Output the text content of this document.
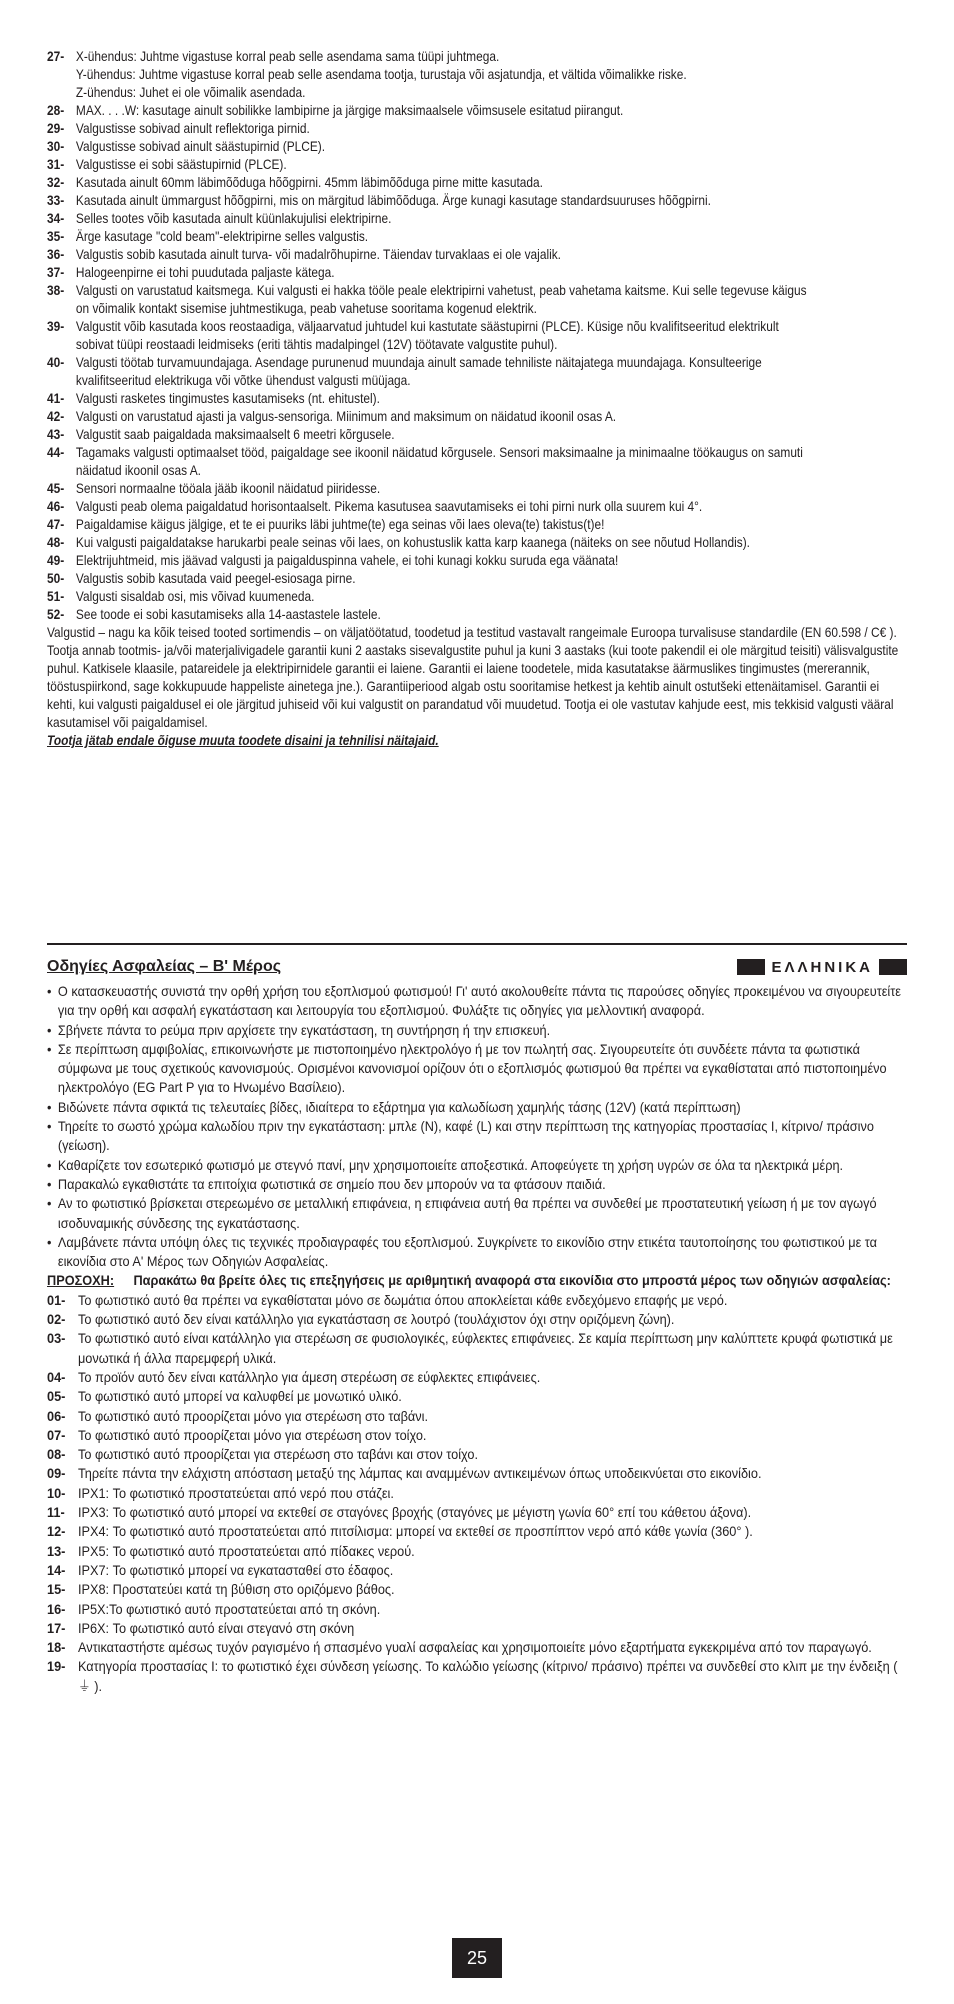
27- X-ühendus: Juhtme vigastuse korral peab selle asendama sama tüüpi juhtmega.
Y-ühendus: Juhtme vigastuse korral peab selle asendama tootja, turustaja või asjatundja, et vältida võimalikke riske.
Z-ühendus: Juhet ei ole võimalik asendada.
28- MAX. . . .W: kasutage ainult sobilikke lambipirne ja järgige maksimaalsele võimsusele esitatud piirangut.
29- Valgustisse sobivad ainult reflektoriga pirnid.
30- Valgustisse sobivad ainult säästupirnid (PLCE).
31- Valgustisse ei sobi säästupirnid (PLCE).
32- Kasutada ainult 60mm läbimõõduga hõõgpirni. 45mm läbimõõduga pirne mitte kasutada.
33- Kasutada ainult ümmargust hõõgpirni, mis on märgitud läbimõõduga. Ärge kunagi kasutage standardsuuruses hõõgpirni.
34- Selles tootes võib kasutada ainult küünlakujulisi elektripirne.
35- Ärge kasutage "cold beam"-elektripirne selles valgustis.
36- Valgustis sobib kasutada ainult turva- või madalrõhupirne. Täiendav turvaklaas ei ole vajalik.
37- Halogeenpirne ei tohi puudutada paljaste kätega.
38- Valgusti on varustatud kaitsmega. Kui valgusti ei hakka tööle peale elektripirni vahetust, peab vahetama kaitsme. Kui selle tegevuse käigus
on võimalik kontakt sisemise juhtmestikuga, peab vahetuse sooritama kogenud elektrik.
39- Valgustit võib kasutada koos reostaadiga, väljaarvatud juhtudel kui kastutate säästupirni (PLCE). Küsige nõu kvalifitseeritud elektrikult
sobivat tüüpi reostaadi leidmiseks (eriti tähtis madalpingel (12V) töötavate valgustite puhul).
40- Valgusti töötab turvamuundajaga. Asendage purunenud muundaja ainult samade tehniliste näitajatega muundajaga. Konsulteerige
kvalifitseeritud elektrikuga või võtke ühendust valgusti müüjaga.
41- Valgusti rasketes tingimustes kasutamiseks (nt. ehitustel).
42- Valgusti on varustatud ajasti ja valgus-sensoriga. Miinimum and maksimum on näidatud ikoonil osas A.
43- Valgustit saab paigaldada maksimaalselt 6 meetri kõrgusele.
44- Tagamaks valgusti optimaalset tööd, paigaldage see ikoonil näidatud kõrgusele. Sensori maksimaalne ja minimaalne töökaugus on samuti
näidatud ikoonil osas A.
45- Sensori normaalne tööala jääb ikoonil näidatud piiridesse.
46- Valgusti peab olema paigaldatud horisontaalselt. Pikema kasutusea saavutamiseks ei tohi pirni nurk olla suurem kui 4°.
47- Paigaldamise käigus jälgige, et te ei puuriks läbi juhtme(te) ega seinas või laes oleva(te) takistus(t)e!
48- Kui valgusti paigaldatakse harukarbi peale seinas või laes, on kohustuslik katta karp kaanega (näiteks on see nõutud Hollandis).
49- Elektrijuhtmeid, mis jäävad valgusti ja paigalduspinna vahele, ei tohi kunagi kokku suruda ega väänata!
50- Valgustis sobib kasutada vaid peegel-esiosaga pirne.
51- Valgusti sisaldab osi, mis võivad kuumeneda.
52- See toode ei sobi kasutamiseks alla 14-aastastele lastele.
Valgustid – nagu ka kõik teised tooted sortimendis – on väljatöötatud, toodetud ja testitud vastavalt rangeimale Euroopa turvalisuse standardile (EN 60.598 / C€ ). Tootja annab tootmis- ja/või materjalivigadele garantii kuni 2 aastaks sisevalgustite puhul ja kuni 3 aastaks (kui toote pakendil ei ole märgitud teisiti) välisvalgustite puhul. Katkisele klaasile, patareidele ja elektripirnidele garantii ei laiene. Garantii ei laiene toodetele, mida kasutatakse äärmuslikes tingimustes (mererannik, tööstuspiirkond, sage kokkupuude happeliste ainetega jne.). Garantiiperiood algab ostu sooritamise hetkest ja kehtib ainult ostutšeki ettenäitamisel. Garantii ei kehti, kui valgusti paigaldusel ei ole järgitud juhiseid või kui valgustit on parandatud või muudetud. Tootja ei ole vastutav kahjude eest, mis tekkisid valgusti vääral kasutamisel või paigaldamisel.
Tootja jätab endale õiguse muuta toodete disaini ja tehnilisi näitajaid.
Οδηγίες Ασφαλείας – Β' Μέρος	ΕΛΛΗΝΙΚΑ
• Ο κατασκευαστής συνιστά την ορθή χρήση του εξοπλισμού φωτισμού! Γι' αυτό ακολουθείτε πάντα τις παρούσες οδηγίες προκειμένου να σιγουρευτείτε για την ορθή και ασφαλή εγκατάσταση και λειτουργία του εξοπλισμού. Φυλάξτε τις οδηγίες για μελλοντική αναφορά.
• Σβήνετε πάντα το ρεύμα πριν αρχίσετε την εγκατάσταση, τη συντήρηση ή την επισκευή.
• Σε περίπτωση αμφιβολίας, επικοινωνήστε με πιστοποιημένο ηλεκτρολόγο ή με τον πωλητή σας. Σιγουρευτείτε ότι συνδέετε πάντα τα φωτιστικά σύμφωνα με τους σχετικούς κανονισμούς. Ορισμένοι κανονισμοί ορίζουν ότι ο εξοπλισμός φωτισμού θα πρέπει να εγκαθίσταται από πιστοποιημένο ηλεκτρολόγο (EG Part P για το Ηνωμένο Βασίλειο).
• Βιδώνετε πάντα σφικτά τις τελευταίες βίδες, ιδιαίτερα το εξάρτημα για καλωδίωση χαμηλής τάσης (12V) (κατά περίπτωση)
• Τηρείτε το σωστό χρώμα καλωδίου πριν την εγκατάσταση: μπλε (N), καφέ (L) και στην περίπτωση της κατηγορίας προστασίας I, κίτρινο/ πράσινο (γείωση).
• Καθαρίζετε τον εσωτερικό φωτισμό με στεγνό πανί, μην χρησιμοποιείτε αποξεστικά. Αποφεύγετε τη χρήση υγρών σε όλα τα ηλεκτρικά μέρη.
• Παρακαλώ εγκαθιστάτε τα επιτοίχια φωτιστικά σε σημείο που δεν μπορούν να τα φτάσουν παιδιά.
• Αν το φωτιστικό βρίσκεται στερεωμένο σε μεταλλική επιφάνεια, η επιφάνεια αυτή θα πρέπει να συνδεθεί με προστατευτική γείωση ή με τον αγωγό ισοδυναμικής σύνδεσης της εγκατάστασης.
• Λαμβάνετε πάντα υπόψη όλες τις τεχνικές προδιαγραφές του εξοπλισμού. Συγκρίνετε το εικονίδιο στην ετικέτα ταυτοποίησης του φωτιστικού με τα εικονίδια στο Α' Μέρος των Οδηγιών Ασφαλείας.
ΠΡΟΣΟΧΗ: Παρακάτω θα βρείτε όλες τις επεξηγήσεις με αριθμητική αναφορά στα εικονίδια στο μπροστά μέρος των οδηγιών ασφαλείας:
01- Το φωτιστικό αυτό θα πρέπει να εγκαθίσταται μόνο σε δωμάτια όπου αποκλείεται κάθε ενδεχόμενο επαφής με νερό.
02- Το φωτιστικό αυτό δεν είναι κατάλληλο για εγκατάσταση σε λουτρό (τουλάχιστον όχι στην οριζόμενη ζώνη).
03- Το φωτιστικό αυτό είναι κατάλληλο για στερέωση σε φυσιολογικές, εύφλεκτες επιφάνειες. Σε καμία περίπτωση μην καλύπτετε κρυφά φωτιστικά με μονωτικά ή άλλα παρεμφερή υλικά.
04- Το προϊόν αυτό δεν είναι κατάλληλο για άμεση στερέωση σε εύφλεκτες επιφάνειες.
05- Το φωτιστικό αυτό μπορεί να καλυφθεί με μονωτικό υλικό.
06- Το φωτιστικό αυτό προορίζεται μόνο για στερέωση στο ταβάνι.
07- Το φωτιστικό αυτό προορίζεται μόνο για στερέωση στον τοίχο.
08- Το φωτιστικό αυτό προορίζεται για στερέωση στο ταβάνι και στον τοίχο.
09- Τηρείτε πάντα την ελάχιστη απόσταση μεταξύ της λάμπας και αναμμένων αντικειμένων όπως υποδεικνύεται στο εικονίδιο.
10- IPX1: Το φωτιστικό προστατεύεται από νερό που στάζει.
11- IPX3: Το φωτιστικό αυτό μπορεί να εκτεθεί σε σταγόνες βροχής (σταγόνες με μέγιστη γωνία 60° επί του κάθετου άξονα).
12- IPX4: Το φωτιστικό αυτό προστατεύεται από πιτσίλισμα: μπορεί να εκτεθεί σε προσπίπτον νερό από κάθε γωνία (360° ).
13- IPX5: Το φωτιστικό αυτό προστατεύεται από πίδακες νερού.
14- IPX7: Το φωτιστικό μπορεί να εγκατασταθεί στο έδαφος.
15- IPX8: Προστατεύει κατά τη βύθιση στο οριζόμενο βάθος.
16- IP5X:Το φωτιστικό αυτό προστατεύεται από τη σκόνη.
17- IP6X: Το φωτιστικό αυτό είναι στεγανό στη σκόνη
18- Αντικαταστήστε αμέσως τυχόν ραγισμένο ή σπασμένο γυαλί ασφαλείας και χρησιμοποιείτε μόνο εξαρτήματα εγκεκριμένα από τον παραγωγό.
19- Κατηγορία προστασίας I: το φωτιστικό έχει σύνδεση γείωσης. Το καλώδιο γείωσης (κίτρινο/ πράσινο) πρέπει να συνδεθεί στο κλιπ με την ένδειξη ( ⏚ ).
25
